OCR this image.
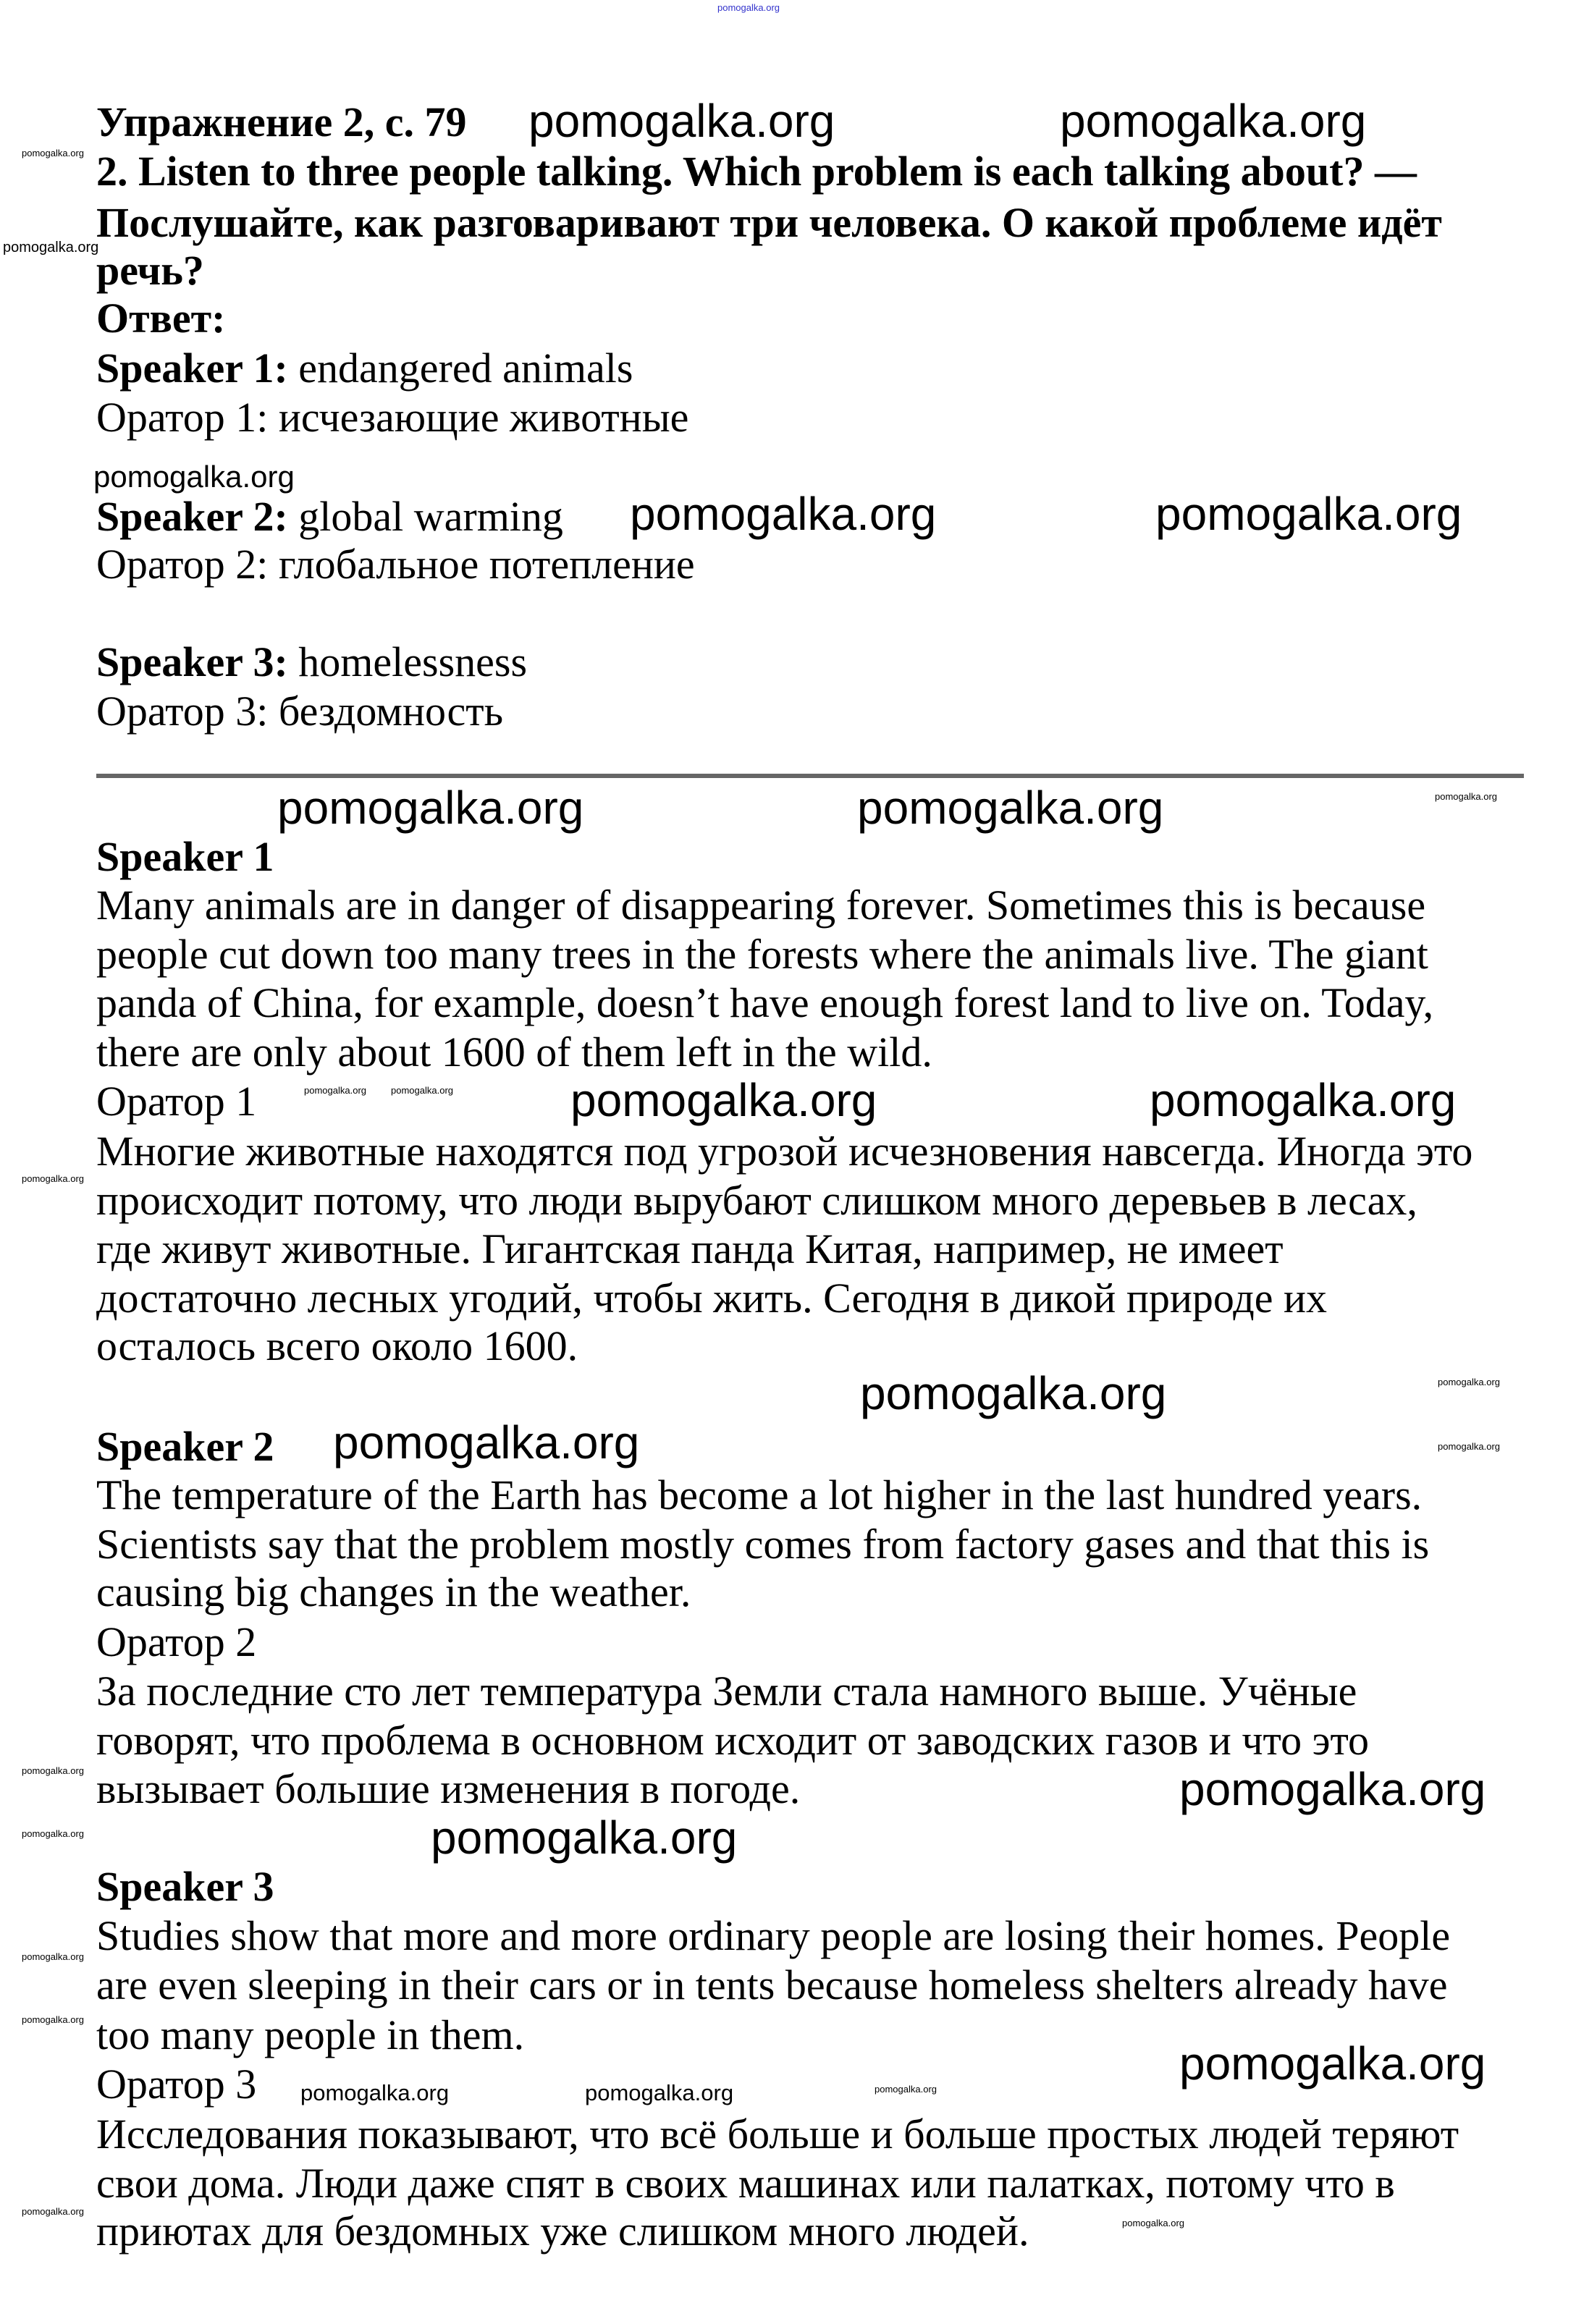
Упражнение 2, с. 79
2. Listen to three people talking. Which problem is each talking about? —
Послушайте, как разговаривают три человека. О какой проблеме идёт
речь?
Ответ:
Speaker 1: endangered animals
Оратор 1: исчезающие животные
Speaker 2: global warming
Оратор 2: глобальное потепление
Speaker 3: homelessness
Оратор 3: бездомность
Speaker 1
Many animals are in danger of disappearing forever. Sometimes this is because
people cut down too many trees in the forests where the animals live. The giant
panda of China, for example, doesn’t have enough forest land to live on. Today,
there are only about 1600 of them left in the wild.
Оратор 1
Многие животные находятся под угрозой исчезновения навсегда. Иногда это
происходит потому, что люди вырубают слишком много деревьев в лесах,
где живут животные. Гигантская панда Китая, например, не имеет
достаточно лесных угодий, чтобы жить. Сегодня в дикой природе их
осталось всего около 1600.
Speaker 2
The temperature of the Earth has become a lot higher in the last hundred years.
Scientists say that the problem mostly comes from factory gases and that this is
causing big changes in the weather.
Оратор 2
За последние сто лет температура Земли стала намного выше. Учёные
говорят, что проблема в основном исходит от заводских газов и что это
вызывает большие изменения в погоде.
Speaker 3
Studies show that more and more ordinary people are losing their homes. People
are even sleeping in their cars or in tents because homeless shelters already have
too many people in them.
Оратор 3
Исследования показывают, что всё больше и больше простых людей теряют
свои дома. Люди даже спят в своих машинах или палатках, потому что в
приютах для бездомных уже слишком много людей.
pomogalka.org
pomogalka.org	pomogalka.org
pomogalka.org	pomogalka.org
pomogalka.org	pomogalka.org
pomogalka.org	pomogalka.org
pomogalka.org
pomogalka.org
pomogalka.org
pomogalka.org
pomogalka.org
pomogalka.org
pomogalka.org	pomogalka.org
pomogalka.org
pomogalka.org
pomogalka.org
pomogalka.org	pomogalka.org
pomogalka.org
pomogalka.org
pomogalka.org
pomogalka.org
pomogalka.org
pomogalka.org
pomogalka.org
pomogalka.org
pomogalka.org
pomogalka.org
